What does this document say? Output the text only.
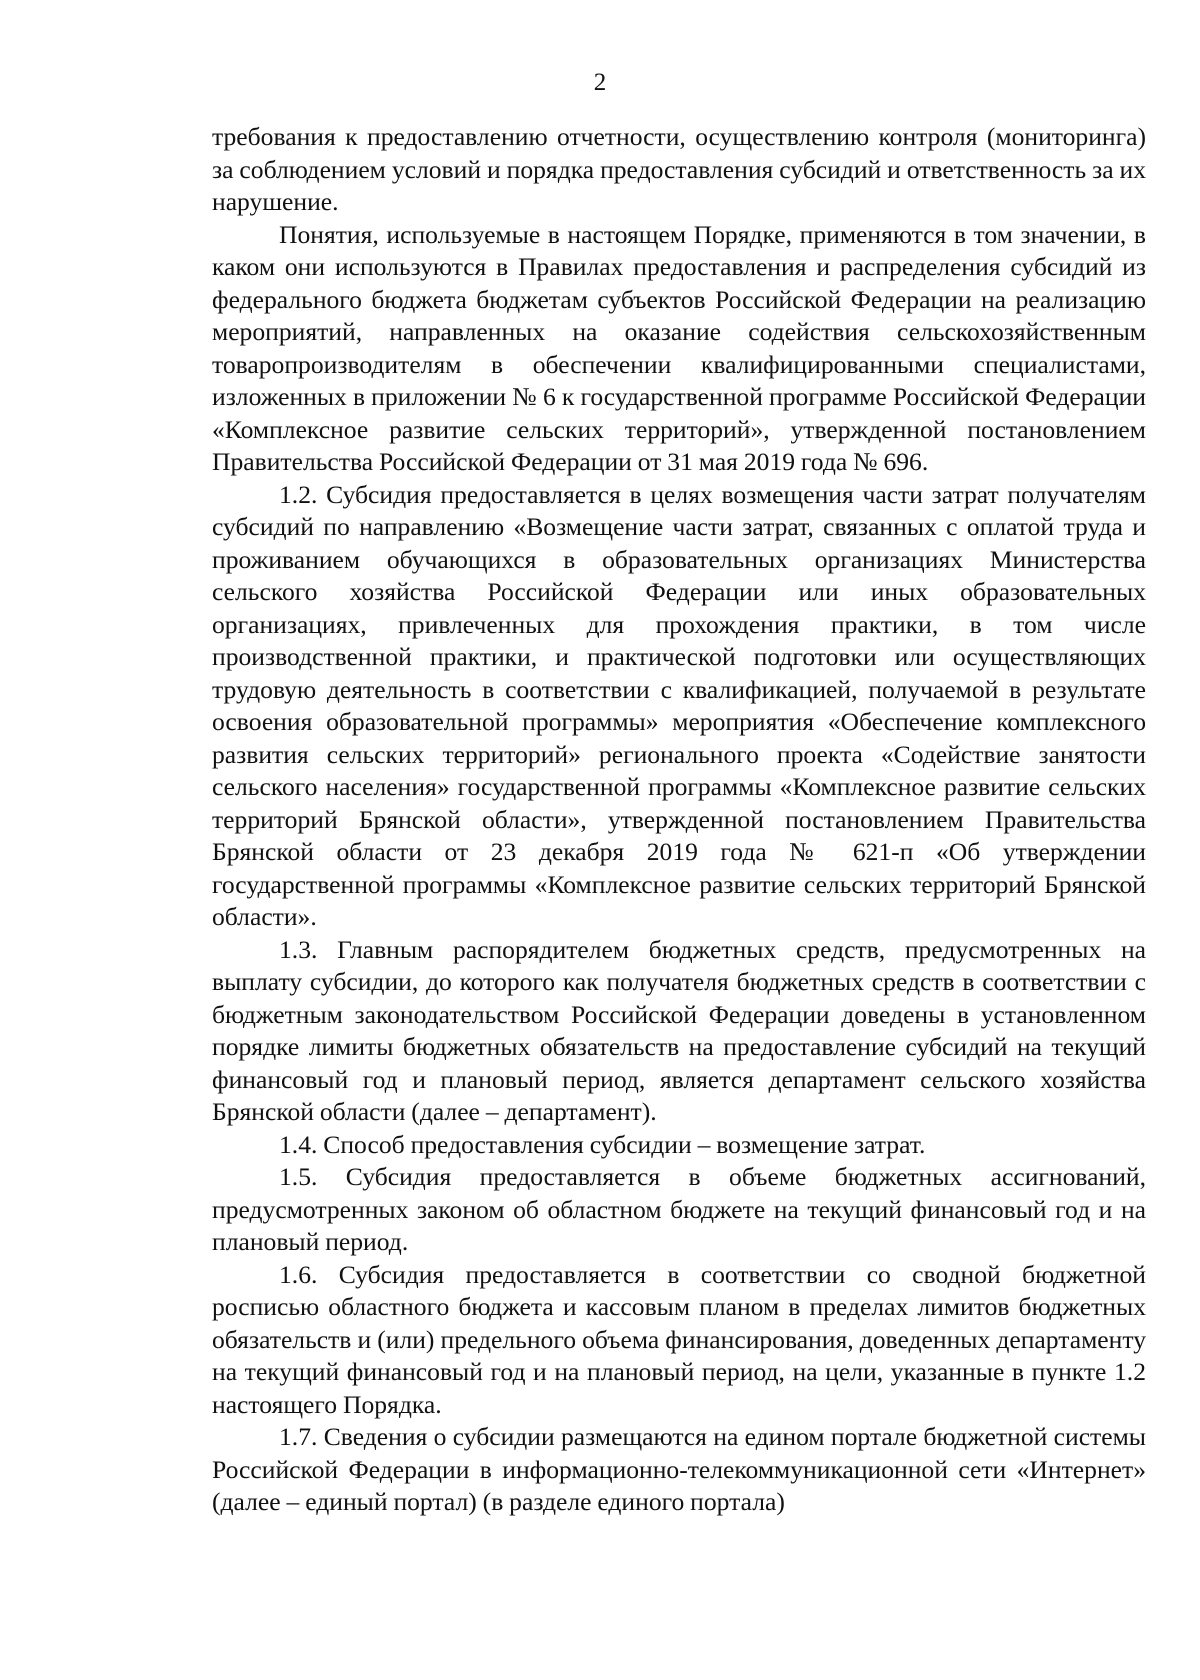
2

требования к предоставлению отчетности, осуществлению контроля (мониторинга) за соблюдением условий и порядка предоставления субсидий и ответственность за их нарушение.

Понятия, используемые в настоящем Порядке, применяются в том значении, в каком они используются в Правилах предоставления и распределения субсидий из федерального бюджета бюджетам субъектов Российской Федерации на реализацию мероприятий, направленных на оказание содействия сельскохозяйственным товаропроизводителям в обеспечении квалифицированными специалистами, изложенных в приложении № 6 к государственной программе Российской Федерации «Комплексное развитие сельских территорий», утвержденной постановлением Правительства Российской Федерации от 31 мая 2019 года № 696.

1.2. Субсидия предоставляется в целях возмещения части затрат получателям субсидий по направлению «Возмещение части затрат, связанных с оплатой труда и проживанием обучающихся в образовательных организациях Министерства сельского хозяйства Российской Федерации или иных образовательных организациях, привлеченных для прохождения практики, в том числе производственной практики, и практической подготовки или осуществляющих трудовую деятельность в соответствии с квалификацией, получаемой в результате освоения образовательной программы» мероприятия «Обеспечение комплексного развития сельских территорий» регионального проекта «Содействие занятости сельского населения» государственной программы «Комплексное развитие сельских территорий Брянской области», утвержденной постановлением Правительства Брянской области от 23 декабря 2019 года № 621-п «Об утверждении государственной программы «Комплексное развитие сельских территорий Брянской области».

1.3. Главным распорядителем бюджетных средств, предусмотренных на выплату субсидии, до которого как получателя бюджетных средств в соответствии с бюджетным законодательством Российской Федерации доведены в установленном порядке лимиты бюджетных обязательств на предоставление субсидий на текущий финансовый год и плановый период, является департамент сельского хозяйства Брянской области (далее – департамент).

1.4. Способ предоставления субсидии – возмещение затрат.

1.5. Субсидия предоставляется в объеме бюджетных ассигнований, предусмотренных законом об областном бюджете на текущий финансовый год и на плановый период.

1.6. Субсидия предоставляется в соответствии со сводной бюджетной росписью областного бюджета и кассовым планом в пределах лимитов бюджетных обязательств и (или) предельного объема финансирования, доведенных департаменту на текущий финансовый год и на плановый период, на цели, указанные в пункте 1.2 настоящего Порядка.

1.7. Сведения о субсидии размещаются на едином портале бюджетной системы Российской Федерации в информационно-телекоммуникационной сети «Интернет» (далее – единый портал) (в разделе единого портала)
